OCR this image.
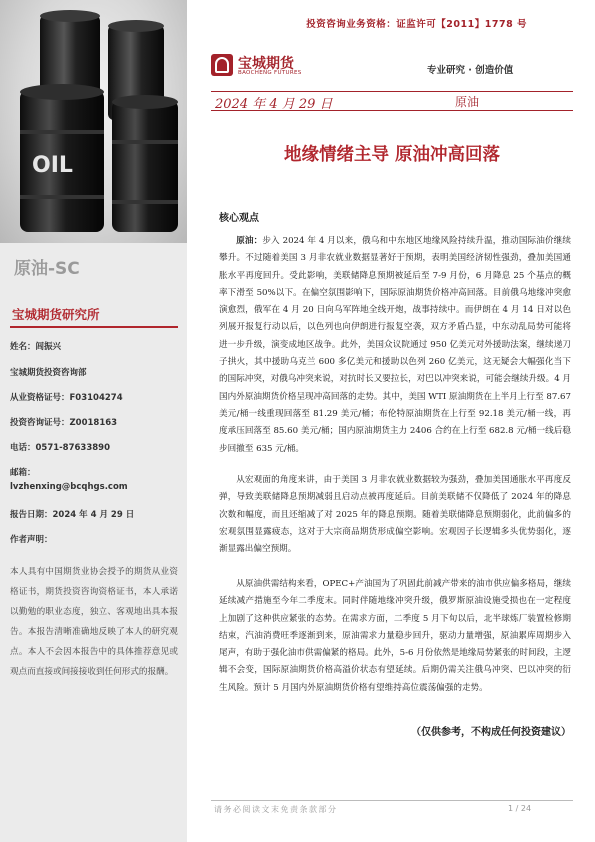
投资咨询业务资格：证监许可【2011】1778 号
OIL
原油-SC
宝城期货研究所
姓名：闾振兴
宝城期货投资咨询部
从业资格证号：F03104274
投资咨询证号：Z0018163
电话：0571-87633890
邮箱：
lvzhenxing@bcqhgs.com
报告日期：2024 年 4 月 29 日
作者声明：
本人具有中国期货业协会授予的期货从业资格证书，期货投资咨询资格证书，本人承诺以勤勉的职业态度，独立、客观地出具本报告。本报告清晰准确地反映了本人的研究观点。本人不会因本报告中的具体推荐意见或观点而直接或间接接收到任何形式的报酬。
宝城期货
BAOCHENG FUTURES	专业研究 · 创造价值
2024 年 4 月 29 日	原油
地缘情绪主导 原油冲高回落
核心观点
原油：步入 2024 年 4 月以来，俄乌和中东地区地缘风险持续升温，推动国际油价继续攀升。不过随着美国 3 月非农就业数据显著好于预期，表明美国经济韧性强劲，叠加美国通胀水平再度回升。受此影响，美联储降息预期被延后至 7-9 月份，6 月降息 25 个基点的概率下滑至 50%以下。在偏空氛围影响下，国际原油期货价格冲高回落。目前俄乌地缘冲突愈演愈烈，俄军在 4 月 20 日向乌军阵地全线开炮，战事持续中。而伊朗在 4 月 14 日对以色列展开报复行动以后，以色列也向伊朗进行报复空袭，双方矛盾凸显，中东动乱局势可能将进一步升级，演变成地区战争。此外，美国众议院通过 950 亿美元对外援助法案，继续递刀子拱火，其中援助乌克兰 600 多亿美元和援助以色列 260 亿美元，这无疑会大幅强化当下的国际冲突，对俄乌冲突来说，对抗时长又要拉长，对巴以冲突来说，可能会继续升级。4 月国内外原油期货价格呈现冲高回落的走势。其中，美国 WTI 原油期货在上半月上行至 87.67 美元/桶一线重现回落至 81.29 美元/桶；布伦特原油期货在上行至 92.18 美元/桶一线，再度承压回落至 85.60 美元/桶；国内原油期货主力 2406 合约在上行至 682.8 元/桶一线后稳步回撤至 635 元/桶。
从宏观面的角度来讲，由于美国 3 月非农就业数据较为强劲，叠加美国通胀水平再度反弹，导致美联储降息预期减弱且启动点被再度延后。目前美联储不仅降低了 2024 年的降息次数和幅度，而且还缩减了对 2025 年的降息预期。随着美联储降息预期弱化，此前偏多的宏观氛围显露疲态，这对于大宗商品期货形成偏空影响。宏观因子长逻辑多头优势弱化，逐渐显露出偏空预期。
从原油供需结构来看，OPEC+产油国为了巩固此前减产带来的油市供应偏多格局，继续延续减产措施至今年二季度末。同时伴随地缘冲突升级，俄罗斯原油设施受损也在一定程度上加剧了这种供应紧张的态势。在需求方面，二季度 5 月下旬以后，北半球炼厂装置检修期结束，汽油消费旺季逐渐到来，原油需求力量稳步回升，驱动力量增强，原油累库周期步入尾声，有助于强化油市供需偏紧的格局。此外，5-6 月份依然是地缘局势紧张的时间段，主逻辑不会变，国际原油期货价格高溢价状态有望延续。后期仍需关注俄乌冲突、巴以冲突的衍生风险。预计 5 月国内外原油期货价格有望维持高位震荡偏强的走势。
（仅供参考，不构成任何投资建议）
请务必阅读文末免责条款部分	1 / 24
